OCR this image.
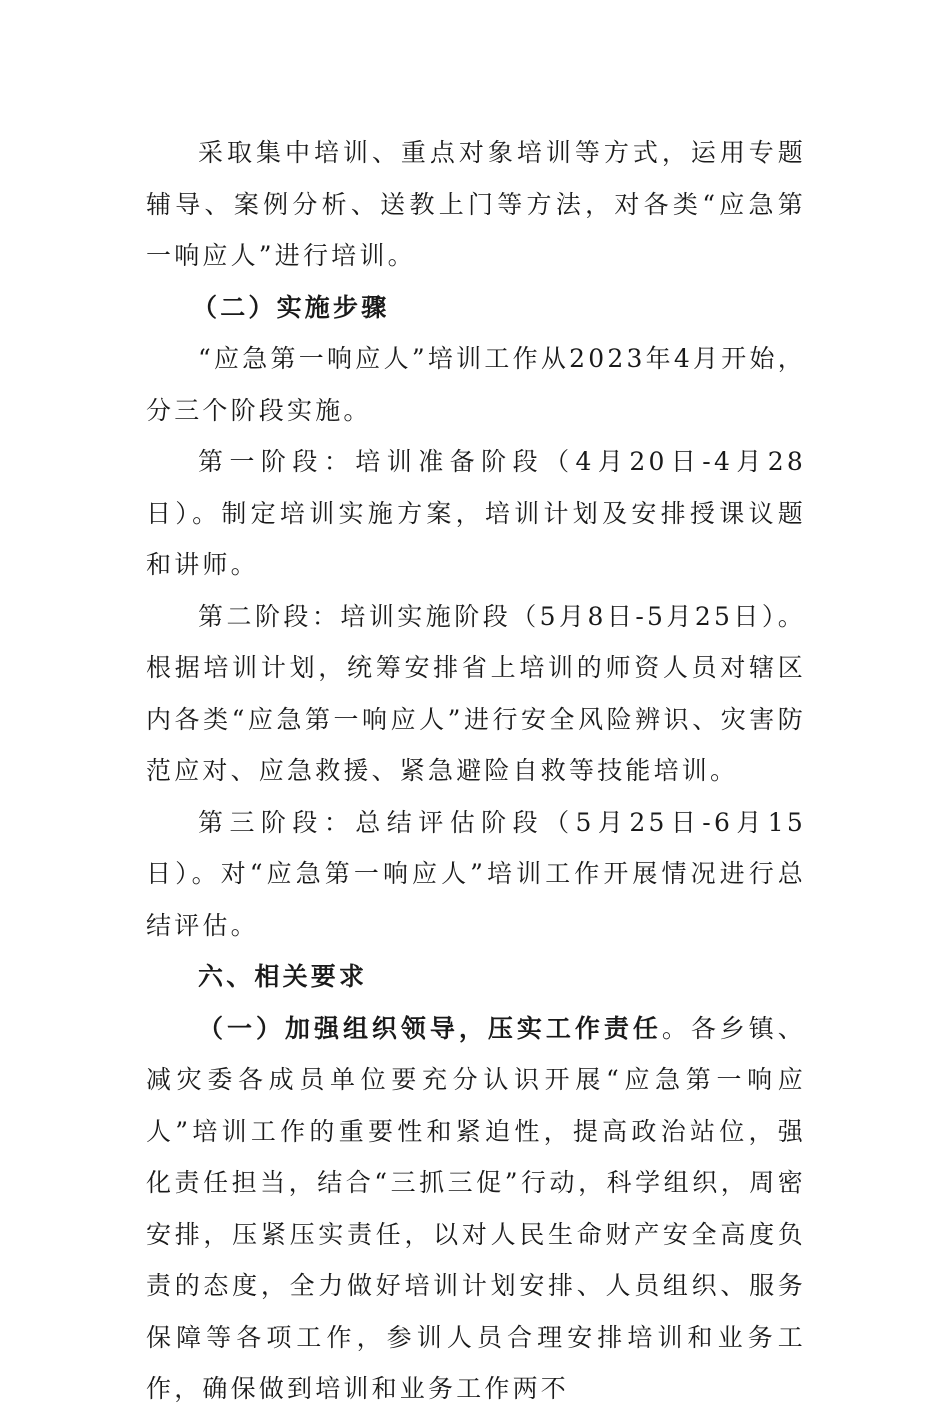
采取集中培训、重点对象培训等方式，运用专题辅导、案例分析、送教上门等方法，对各类“应急第一响应人”进行培训。

（二）实施步骤

“应急第一响应人”培训工作从2023年4月开始，分三个阶段实施。

第一阶段：培训准备阶段（4月20日-4月28日）。制定培训实施方案，培训计划及安排授课议题和讲师。

第二阶段：培训实施阶段（5月8日-5月25日）。根据培训计划，统筹安排省上培训的师资人员对辖区内各类“应急第一响应人”进行安全风险辨识、灾害防范应对、应急救援、紧急避险自救等技能培训。

第三阶段：总结评估阶段（5月25日-6月15日）。对“应急第一响应人”培训工作开展情况进行总结评估。

六、相关要求

（一）加强组织领导，压实工作责任。各乡镇、减灾委各成员单位要充分认识开展“应急第一响应人”培训工作的重要性和紧迫性，提高政治站位，强化责任担当，结合“三抓三促”行动，科学组织，周密安排，压紧压实责任，以对人民生命财产安全高度负责的态度，全力做好培训计划安排、人员组织、服务保障等各项工作，参训人员合理安排培训和业务工作，确保做到培训和业务工作两不
